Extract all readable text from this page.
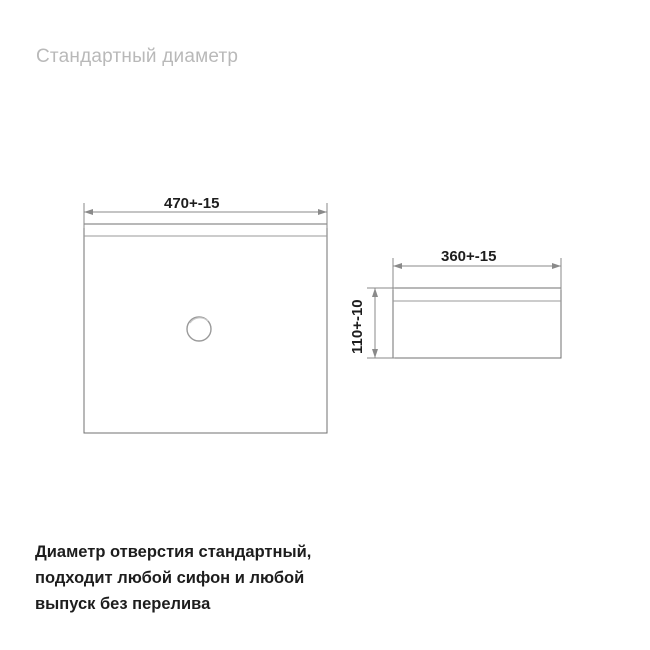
Стандартный диаметр
470+-15
360+-15
110+-10
Диаметр отверстия стандартный,
подходит любой сифон и любой
выпуск без перелива
